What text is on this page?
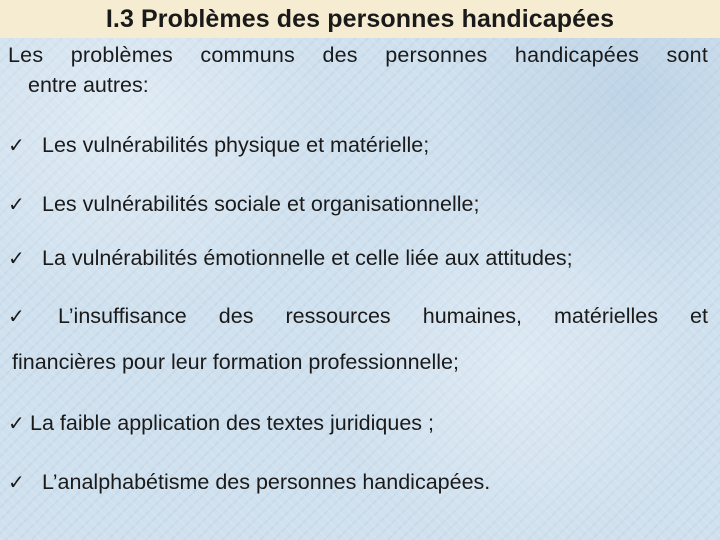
I.3 Problèmes des personnes handicapées

Les problèmes communs des personnes handicapées sont
entre autres:

✓ Les vulnérabilités physique et matérielle;
✓ Les vulnérabilités sociale et organisationnelle;
✓ La vulnérabilités émotionnelle et celle liée aux attitudes;
✓	L’insuffisance des ressources humaines, matérielles et
financières pour leur formation professionnelle;
✓ La faible application des textes juridiques ;
✓ L’analphabétisme des personnes handicapées.
